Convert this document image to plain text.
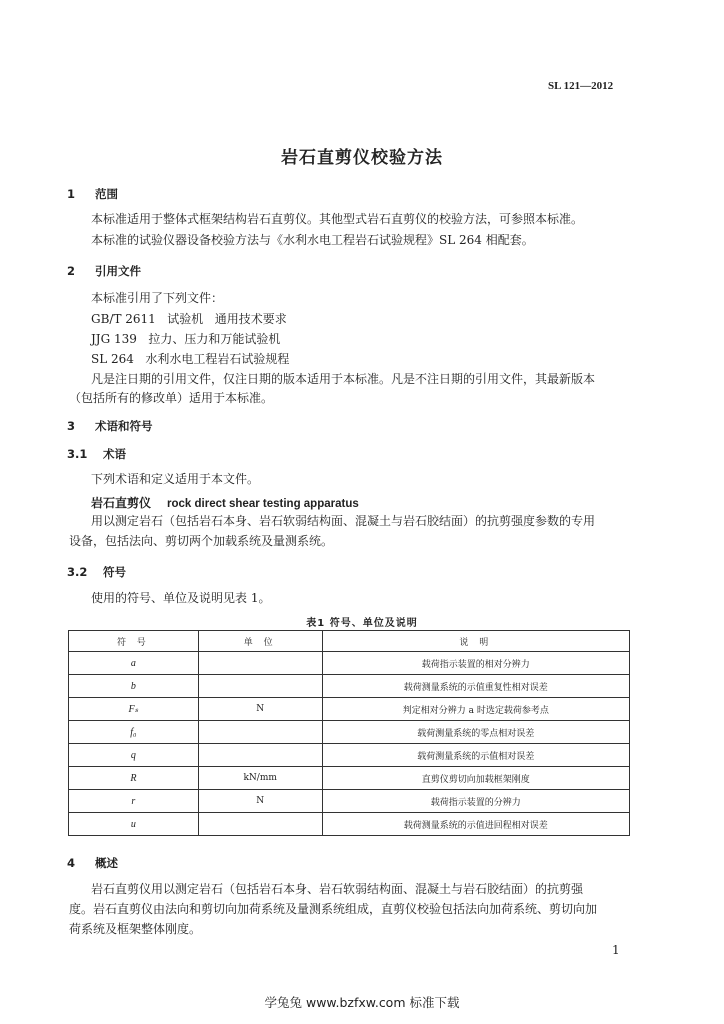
SL 121—2012
岩石直剪仪校验方法
1 范围
本标准适用于整体式框架结构岩石直剪仪。其他型式岩石直剪仪的校验方法，可参照本标准。
本标准的试验仪器设备校验方法与《水利水电工程岩石试验规程》SL 264 相配套。
2 引用文件
本标准引用了下列文件：
GB/T 2611   试验机   通用技术要求
JJG 139   拉力、压力和万能试验机
SL 264   水利水电工程岩石试验规程
凡是注日期的引用文件，仅注日期的版本适用于本标准。凡是不注日期的引用文件，其最新版本
（包括所有的修改单）适用于本标准。
3 术语和符号
3.1 术语
下列术语和定义适用于本文件。
岩石直剪仪 rock direct shear testing apparatus
用以测定岩石（包括岩石本身、岩石软弱结构面、混凝土与岩石胶结面）的抗剪强度参数的专用
设备，包括法向、剪切两个加载系统及量测系统。
3.2 符号
使用的符号、单位及说明见表 1。
表1 符号、单位及说明
符 号	单 位	说 明
a		载荷指示装置的相对分辨力
b		载荷测量系统的示值重复性相对误差
Fₛ	N	判定相对分辨力 a 时选定载荷参考点
f₀		载荷测量系统的零点相对误差
q		载荷测量系统的示值相对误差
R	kN/mm	直剪仪剪切向加载框架刚度
r	N	载荷指示装置的分辨力
u		载荷测量系统的示值进回程相对误差
4 概述
岩石直剪仪用以测定岩石（包括岩石本身、岩石软弱结构面、混凝土与岩石胶结面）的抗剪强
度。岩石直剪仪由法向和剪切向加荷系统及量测系统组成，直剪仪校验包括法向加荷系统、剪切向加
荷系统及框架整体刚度。
1
学兔兔 www.bzfxw.com 标准下载
